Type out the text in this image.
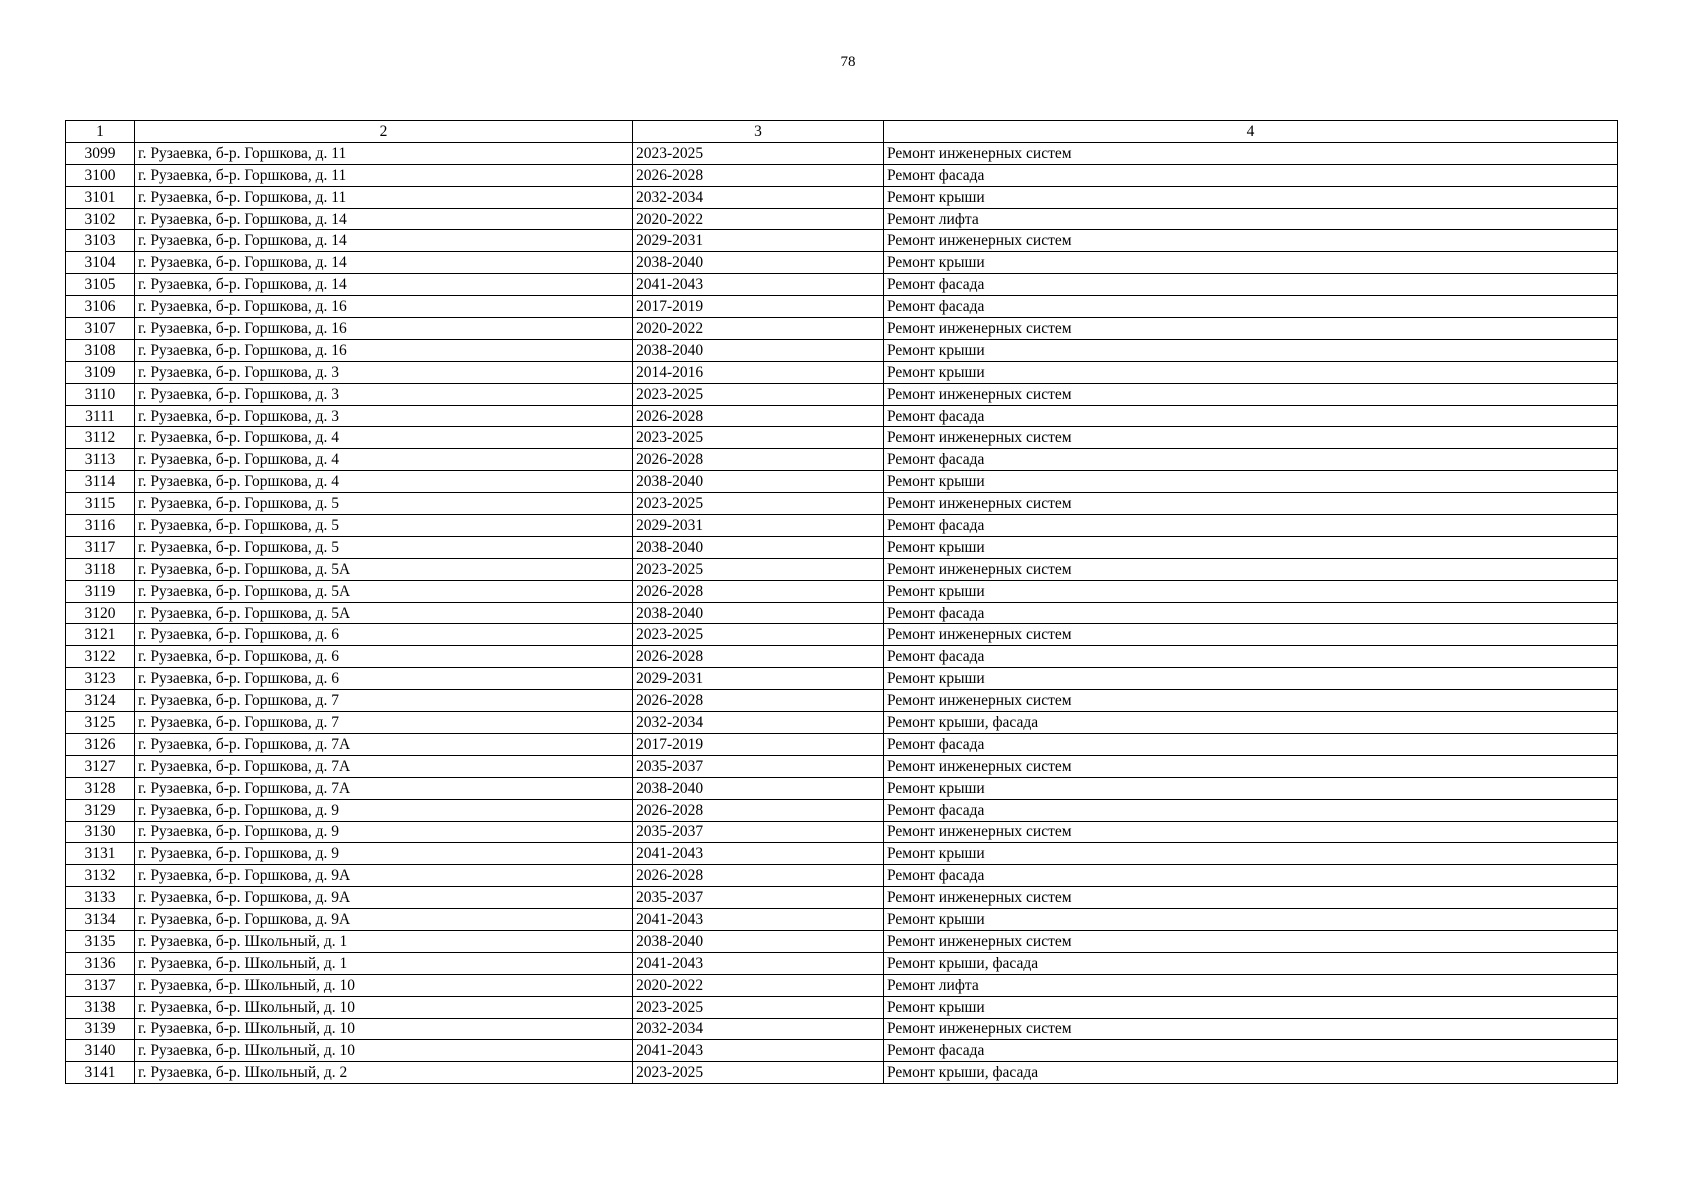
78
1	2	3	4
3099	г. Рузаевка, б-р. Горшкова, д. 11	2023-2025	Ремонт инженерных систем
3100	г. Рузаевка, б-р. Горшкова, д. 11	2026-2028	Ремонт фасада
3101	г. Рузаевка, б-р. Горшкова, д. 11	2032-2034	Ремонт крыши
3102	г. Рузаевка, б-р. Горшкова, д. 14	2020-2022	Ремонт лифта
3103	г. Рузаевка, б-р. Горшкова, д. 14	2029-2031	Ремонт инженерных систем
3104	г. Рузаевка, б-р. Горшкова, д. 14	2038-2040	Ремонт крыши
3105	г. Рузаевка, б-р. Горшкова, д. 14	2041-2043	Ремонт фасада
3106	г. Рузаевка, б-р. Горшкова, д. 16	2017-2019	Ремонт фасада
3107	г. Рузаевка, б-р. Горшкова, д. 16	2020-2022	Ремонт инженерных систем
3108	г. Рузаевка, б-р. Горшкова, д. 16	2038-2040	Ремонт крыши
3109	г. Рузаевка, б-р. Горшкова, д. 3	2014-2016	Ремонт крыши
3110	г. Рузаевка, б-р. Горшкова, д. 3	2023-2025	Ремонт инженерных систем
3111	г. Рузаевка, б-р. Горшкова, д. 3	2026-2028	Ремонт фасада
3112	г. Рузаевка, б-р. Горшкова, д. 4	2023-2025	Ремонт инженерных систем
3113	г. Рузаевка, б-р. Горшкова, д. 4	2026-2028	Ремонт фасада
3114	г. Рузаевка, б-р. Горшкова, д. 4	2038-2040	Ремонт крыши
3115	г. Рузаевка, б-р. Горшкова, д. 5	2023-2025	Ремонт инженерных систем
3116	г. Рузаевка, б-р. Горшкова, д. 5	2029-2031	Ремонт фасада
3117	г. Рузаевка, б-р. Горшкова, д. 5	2038-2040	Ремонт крыши
3118	г. Рузаевка, б-р. Горшкова, д. 5А	2023-2025	Ремонт инженерных систем
3119	г. Рузаевка, б-р. Горшкова, д. 5А	2026-2028	Ремонт крыши
3120	г. Рузаевка, б-р. Горшкова, д. 5А	2038-2040	Ремонт фасада
3121	г. Рузаевка, б-р. Горшкова, д. 6	2023-2025	Ремонт инженерных систем
3122	г. Рузаевка, б-р. Горшкова, д. 6	2026-2028	Ремонт фасада
3123	г. Рузаевка, б-р. Горшкова, д. 6	2029-2031	Ремонт крыши
3124	г. Рузаевка, б-р. Горшкова, д. 7	2026-2028	Ремонт инженерных систем
3125	г. Рузаевка, б-р. Горшкова, д. 7	2032-2034	Ремонт крыши, фасада
3126	г. Рузаевка, б-р. Горшкова, д. 7А	2017-2019	Ремонт фасада
3127	г. Рузаевка, б-р. Горшкова, д. 7А	2035-2037	Ремонт инженерных систем
3128	г. Рузаевка, б-р. Горшкова, д. 7А	2038-2040	Ремонт крыши
3129	г. Рузаевка, б-р. Горшкова, д. 9	2026-2028	Ремонт фасада
3130	г. Рузаевка, б-р. Горшкова, д. 9	2035-2037	Ремонт инженерных систем
3131	г. Рузаевка, б-р. Горшкова, д. 9	2041-2043	Ремонт крыши
3132	г. Рузаевка, б-р. Горшкова, д. 9А	2026-2028	Ремонт фасада
3133	г. Рузаевка, б-р. Горшкова, д. 9А	2035-2037	Ремонт инженерных систем
3134	г. Рузаевка, б-р. Горшкова, д. 9А	2041-2043	Ремонт крыши
3135	г. Рузаевка, б-р. Школьный, д. 1	2038-2040	Ремонт инженерных систем
3136	г. Рузаевка, б-р. Школьный, д. 1	2041-2043	Ремонт крыши, фасада
3137	г. Рузаевка, б-р. Школьный, д. 10	2020-2022	Ремонт лифта
3138	г. Рузаевка, б-р. Школьный, д. 10	2023-2025	Ремонт крыши
3139	г. Рузаевка, б-р. Школьный, д. 10	2032-2034	Ремонт инженерных систем
3140	г. Рузаевка, б-р. Школьный, д. 10	2041-2043	Ремонт фасада
3141	г. Рузаевка, б-р. Школьный, д. 2	2023-2025	Ремонт крыши, фасада
